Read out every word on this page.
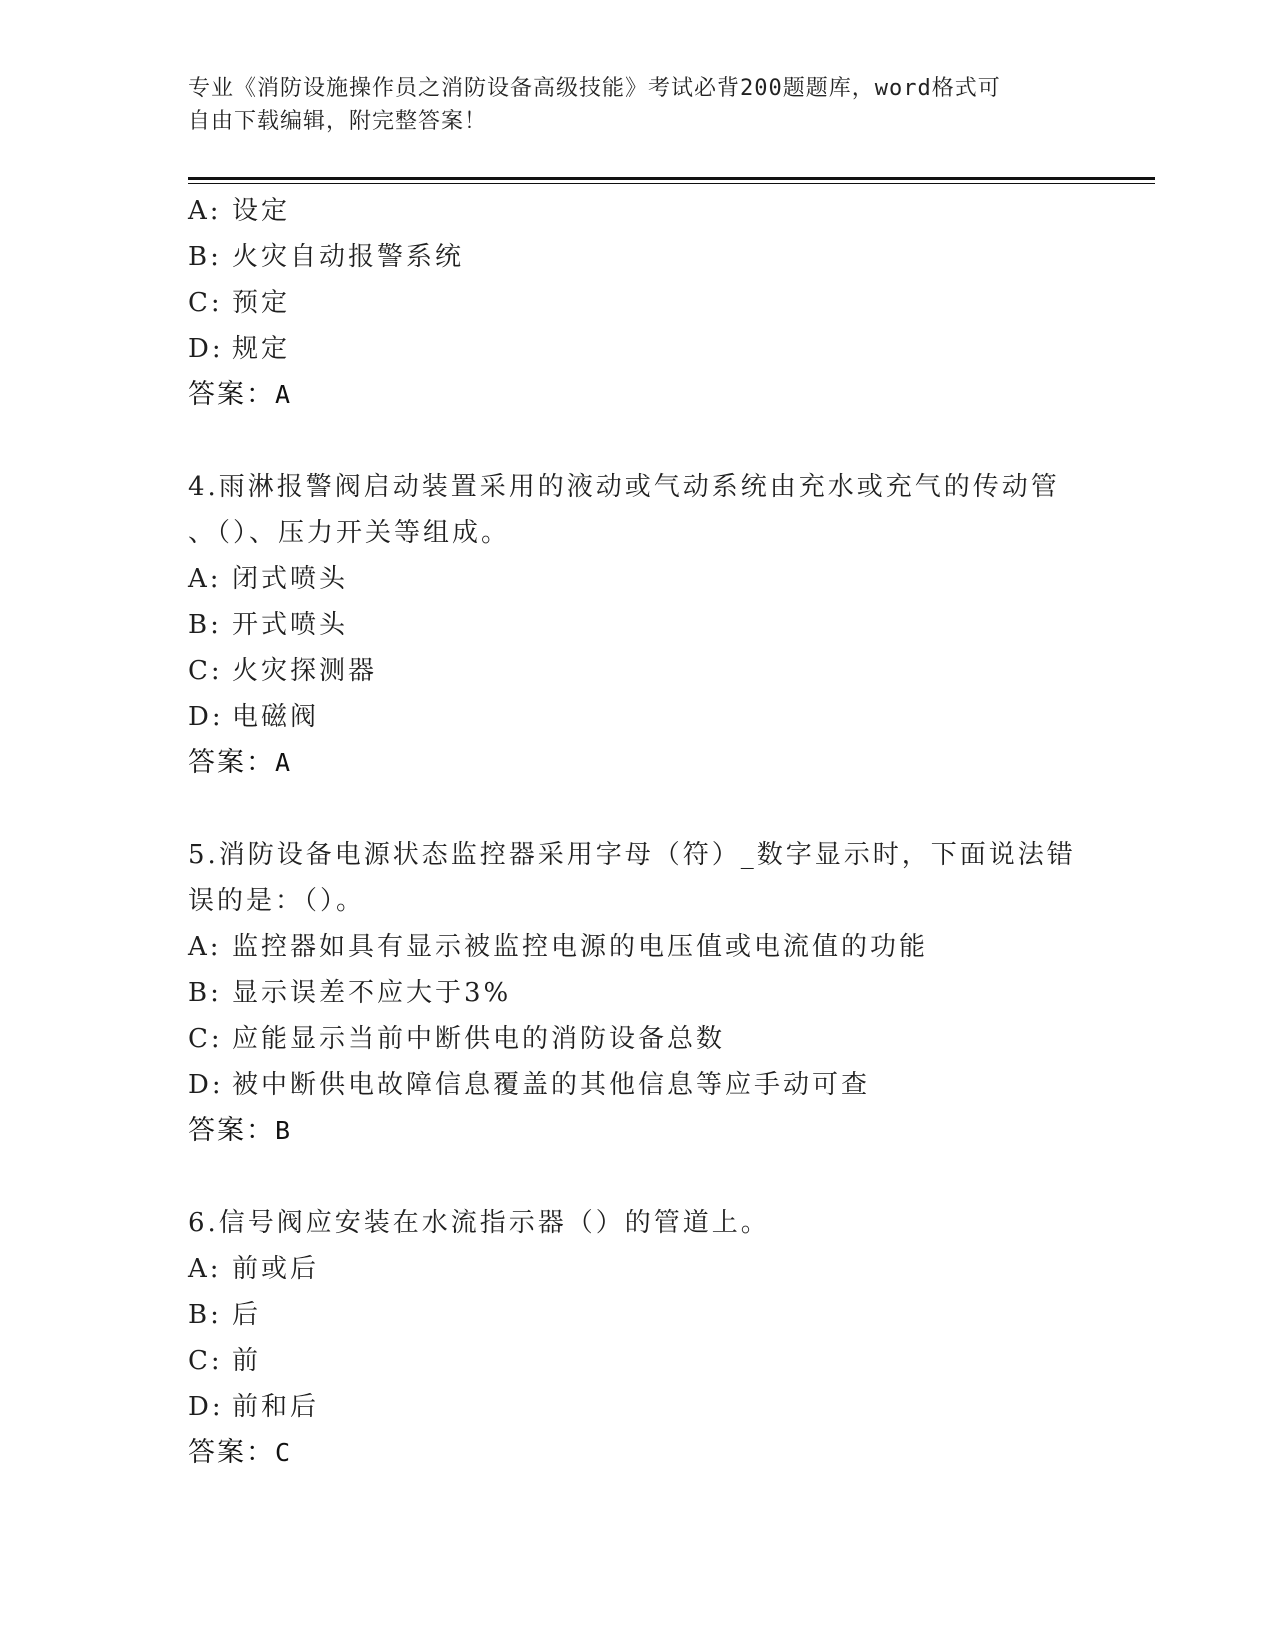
专业《消防设施操作员之消防设备高级技能》考试必背200题题库，word格式可
自由下载编辑，附完整答案！
A: 设定
B: 火灾自动报警系统
C: 预定
D: 规定
答案：A
4.雨淋报警阀启动装置采用的液动或气动系统由充水或充气的传动管
、（）、压力开关等组成。
A: 闭式喷头
B: 开式喷头
C: 火灾探测器
D: 电磁阀
答案：A
5.消防设备电源状态监控器采用字母（符）_数字显示时，下面说法错
误的是：（）。
A: 监控器如具有显示被监控电源的电压值或电流值的功能
B: 显示误差不应大于3%
C: 应能显示当前中断供电的消防设备总数
D: 被中断供电故障信息覆盖的其他信息等应手动可查
答案：B
6.信号阀应安装在水流指示器（）的管道上。
A: 前或后
B: 后
C: 前
D: 前和后
答案：C
